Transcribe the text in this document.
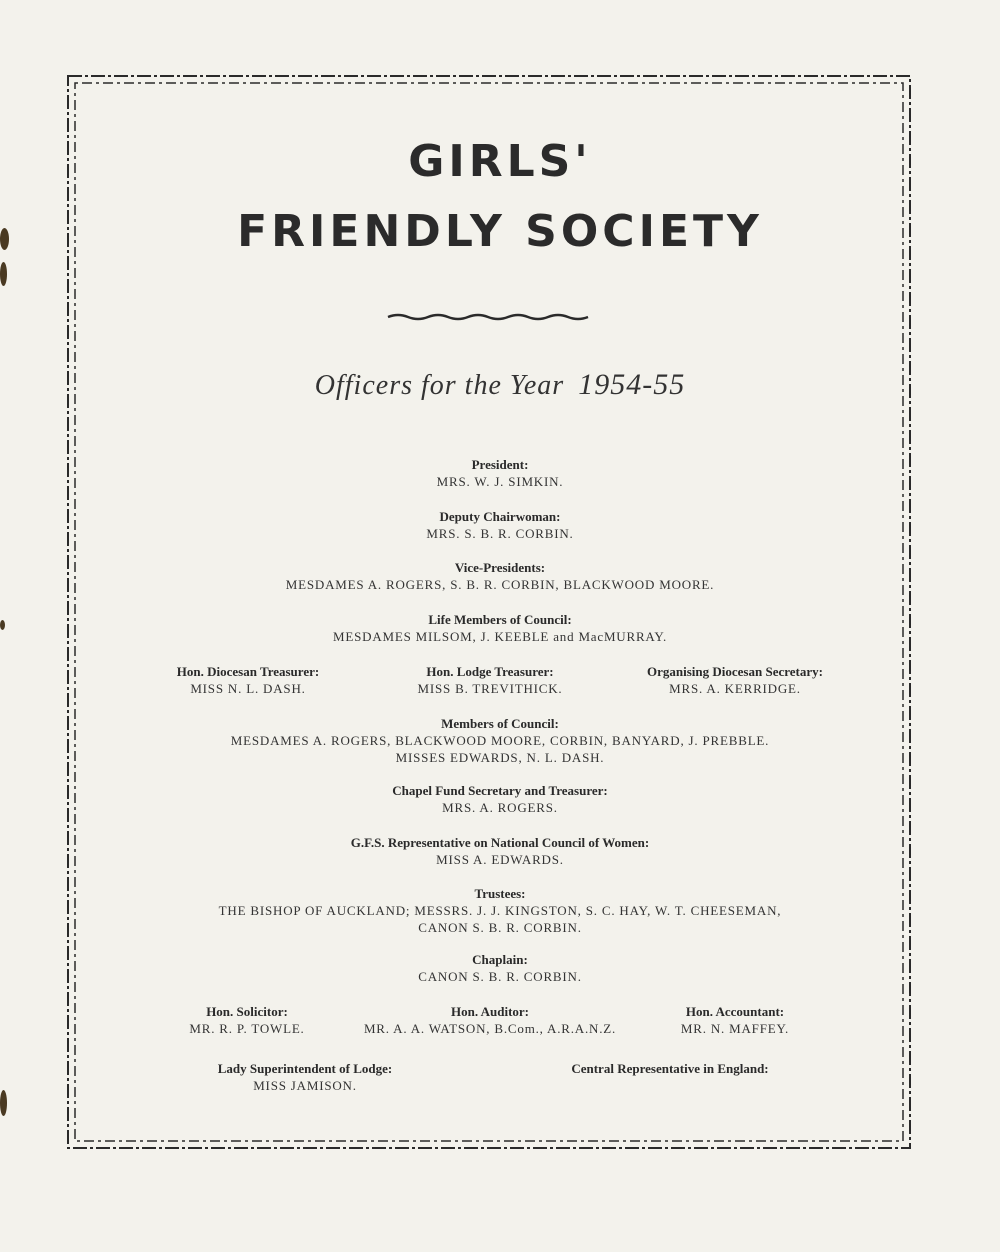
GIRLS'
FRIENDLY SOCIETY
Officers for the Year 1954-55
President:
MRS. W. J. SIMKIN.
Deputy Chairwoman:
MRS. S. B. R. CORBIN.
Vice-Presidents:
MESDAMES A. ROGERS, S. B. R. CORBIN, BLACKWOOD MOORE.
Life Members of Council:
MESDAMES MILSOM, J. KEEBLE and MacMURRAY.
Hon. Diocesan Treasurer:
MISS N. L. DASH.
Hon. Lodge Treasurer:
MISS B. TREVITHICK.
Organising Diocesan Secretary:
MRS. A. KERRIDGE.
Members of Council:
MESDAMES A. ROGERS, BLACKWOOD MOORE, CORBIN, BANYARD, J. PREBBLE.
MISSES EDWARDS, N. L. DASH.
Chapel Fund Secretary and Treasurer:
MRS. A. ROGERS.
G.F.S. Representative on National Council of Women:
MISS A. EDWARDS.
Trustees:
THE BISHOP OF AUCKLAND; MESSRS. J. J. KINGSTON, S. C. HAY, W. T. CHEESEMAN,
CANON S. B. R. CORBIN.
Chaplain:
CANON S. B. R. CORBIN.
Hon. Solicitor:
MR. R. P. TOWLE.
Hon. Auditor:
MR. A. A. WATSON, B.Com., A.R.A.N.Z.
Hon. Accountant:
MR. N. MAFFEY.
Lady Superintendent of Lodge:
MISS JAMISON.
Central Representative in England:
